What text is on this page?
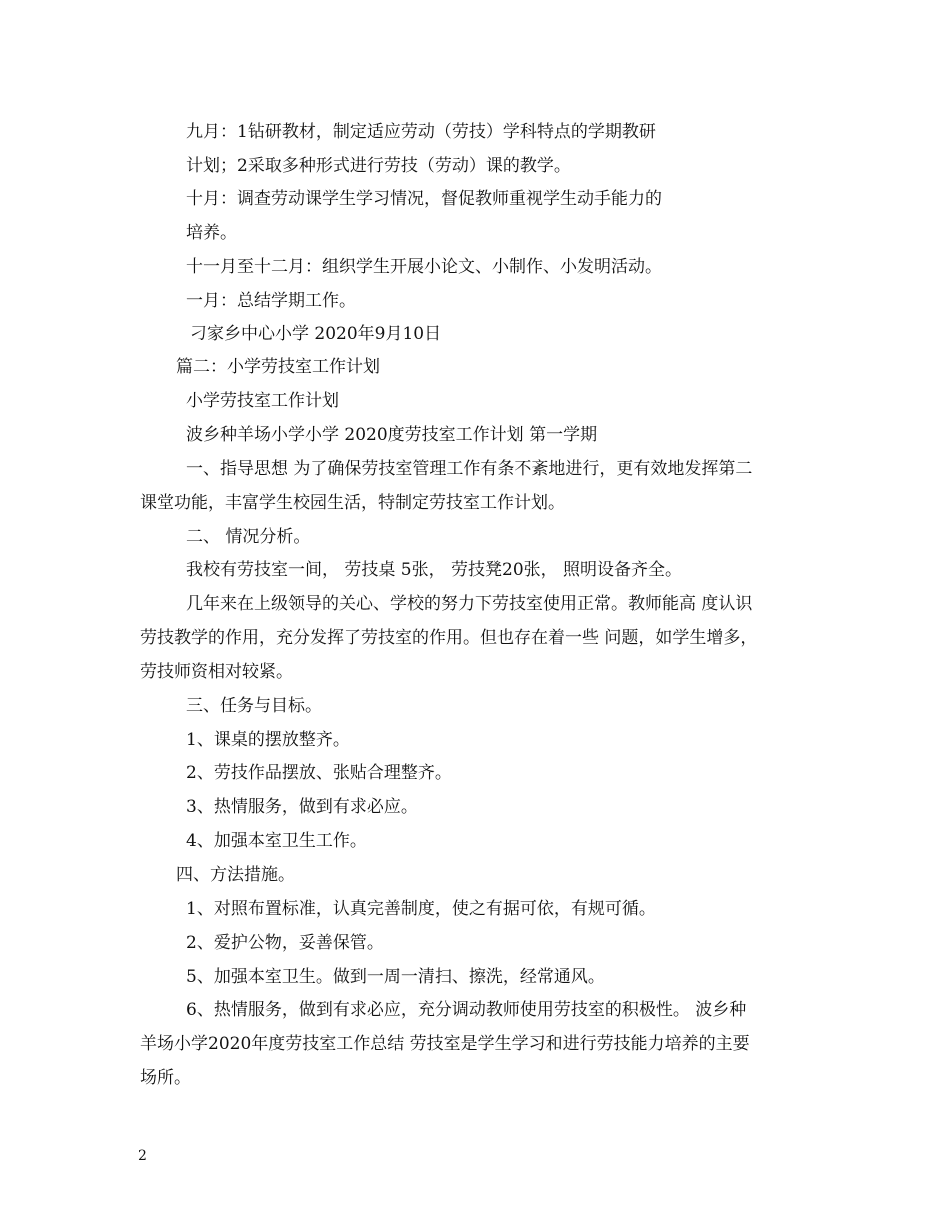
九月：1钻研教材，制定适应劳动（劳技）学科特点的学期教研
计划；2采取多种形式进行劳技（劳动）课的教学。
十月：调查劳动课学生学习情况，督促教师重视学生动手能力的
培养。
十一月至十二月：组织学生开展小论文、小制作、小发明活动。
一月：总结学期工作。
刁家乡中心小学 2020年9月10日
篇二：小学劳技室工作计划
小学劳技室工作计划
波乡种羊场小学小学 2020度劳技室工作计划 第一学期
一、指导思想 为了确保劳技室管理工作有条不紊地进行，更有效地发挥第二
课堂功能，丰富学生校园生活，特制定劳技室工作计划。
二、 情况分析。
我校有劳技室一间， 劳技桌 5张， 劳技凳20张， 照明设备齐全。
几年来在上级领导的关心、学校的努力下劳技室使用正常。教师能高 度认识
劳技教学的作用，充分发挥了劳技室的作用。但也存在着一些 问题，如学生增多，
劳技师资相对较紧。
三、任务与目标。
1、课桌的摆放整齐。
2、劳技作品摆放、张贴合理整齐。
3、热情服务，做到有求必应。
4、加强本室卫生工作。
四、方法措施。
1、对照布置标准，认真完善制度，使之有据可依，有规可循。
2、爱护公物，妥善保管。
5、加强本室卫生。做到一周一清扫、擦洗，经常通风。
6、热情服务，做到有求必应，充分调动教师使用劳技室的积极性。 波乡种
羊场小学2020年度劳技室工作总结 劳技室是学生学习和进行劳技能力培养的主要
场所。
2
